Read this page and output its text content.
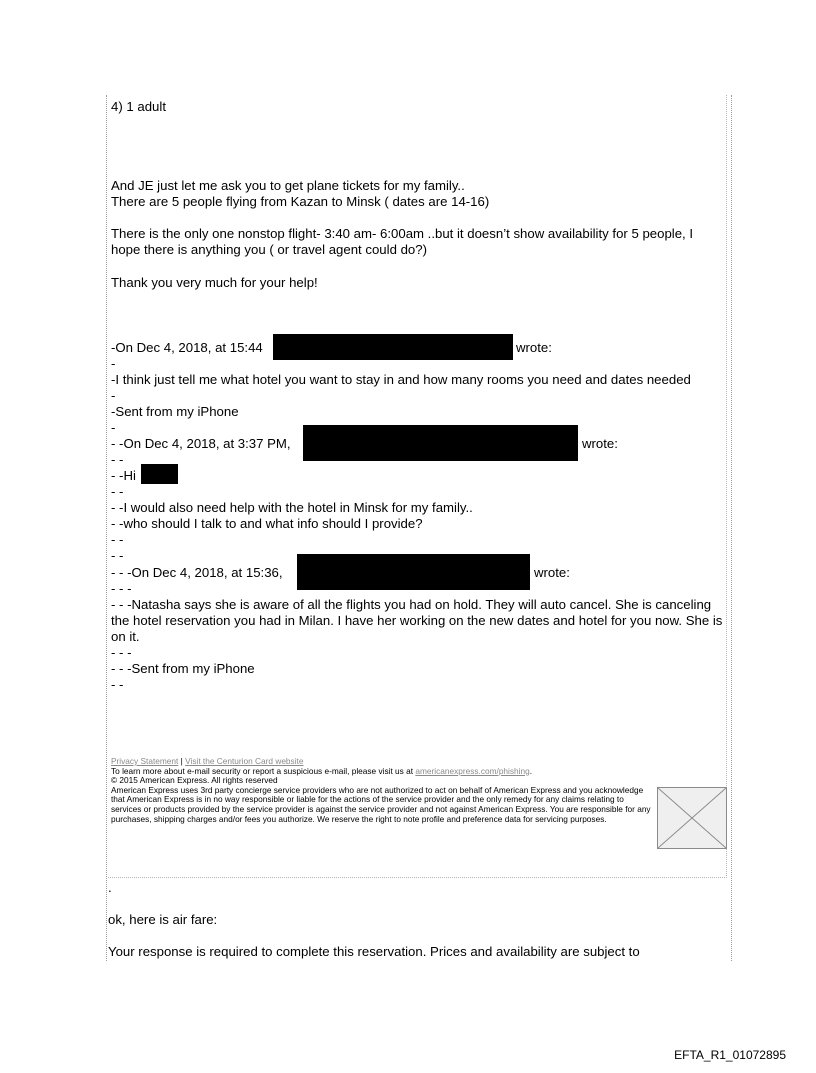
4) 1 adult
And JE just let me ask you to get plane tickets for my family..
There are 5 people flying from Kazan to Minsk ( dates are 14-16)
There is the only one nonstop flight- 3:40 am- 6:00am ..but it doesn’t show availability for 5 people, I hope there is anything you ( or travel agent could do?)
Thank you very much for your help!
-On Dec 4, 2018, at 15:44	wrote:
-
-I think just tell me what hotel you want to stay in and how many rooms you need and dates needed
-
-Sent from my iPhone
-
- -On Dec 4, 2018, at 3:37 PM,	wrote:
- -
- -Hi
- -
- -I would also need help with the hotel in Minsk for my family..
- -who should I talk to and what info should I provide?
- -
- -
- - -On Dec 4, 2018, at 15:36,	wrote:
- - -
- - -Natasha says she is aware of all the flights you had on hold. They will auto cancel. She is canceling the hotel reservation you had in Milan. I have her working on the new dates and hotel for you now. She is on it.
- - -
- - -Sent from my iPhone
- -
Privacy Statement | Visit the Centurion Card website
To learn more about e-mail security or report a suspicious e-mail, please visit us at americanexpress.com/phishing.
© 2015 American Express. All rights reserved
American Express uses 3rd party concierge service providers who are not authorized to act on behalf of American Express and you acknowledge that American Express is in no way responsible or liable for the actions of the service provider and the only remedy for any claims relating to services or products provided by the service provider is against the service provider and not against American Express. You are responsible for any purchases, shipping charges and/or fees you authorize. We reserve the right to note profile and preference data for servicing purposes.
.
ok, here is air fare:
Your response is required to complete this reservation. Prices and availability are subject to
EFTA_R1_01072895
